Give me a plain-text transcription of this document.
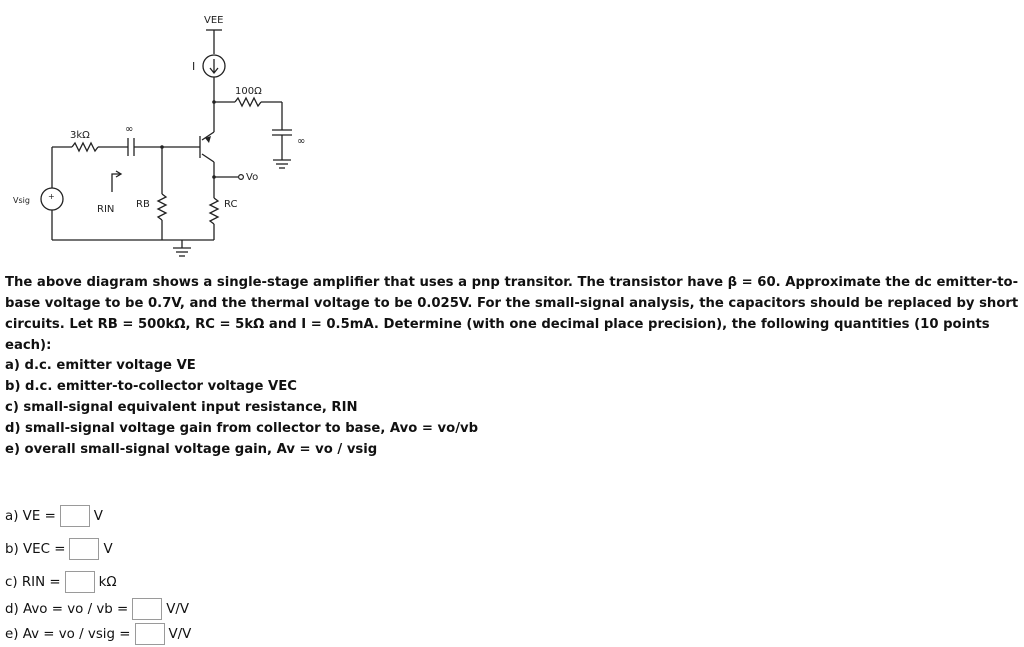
VEE
I
100Ω
∞
∞
3kΩ
Vsig +
RIN RB	RC
Vo

The above diagram shows a single-stage amplifier that uses a pnp transitor. The transistor have β = 60. Approximate the dc emitter-to-base voltage to be 0.7V, and the thermal voltage to be 0.025V. For the small-signal analysis, the capacitors should be replaced by short circuits. Let RB = 500kΩ, RC = 5kΩ and I = 0.5mA. Determine (with one decimal place precision), the following quantities (10 points each):

a) d.c. emitter voltage VE
b) d.c. emitter-to-collector voltage VEC
c) small-signal equivalent input resistance, RIN
d) small-signal voltage gain from collector to base, Avo = vo/vb
e) overall small-signal voltage gain, Av = vo / vsig
a) VE =	V
b) VEC =	V
c) RIN =	kΩ
d) Avo = vo / vb =	V/V
e) Av = vo / vsig =	V/V
